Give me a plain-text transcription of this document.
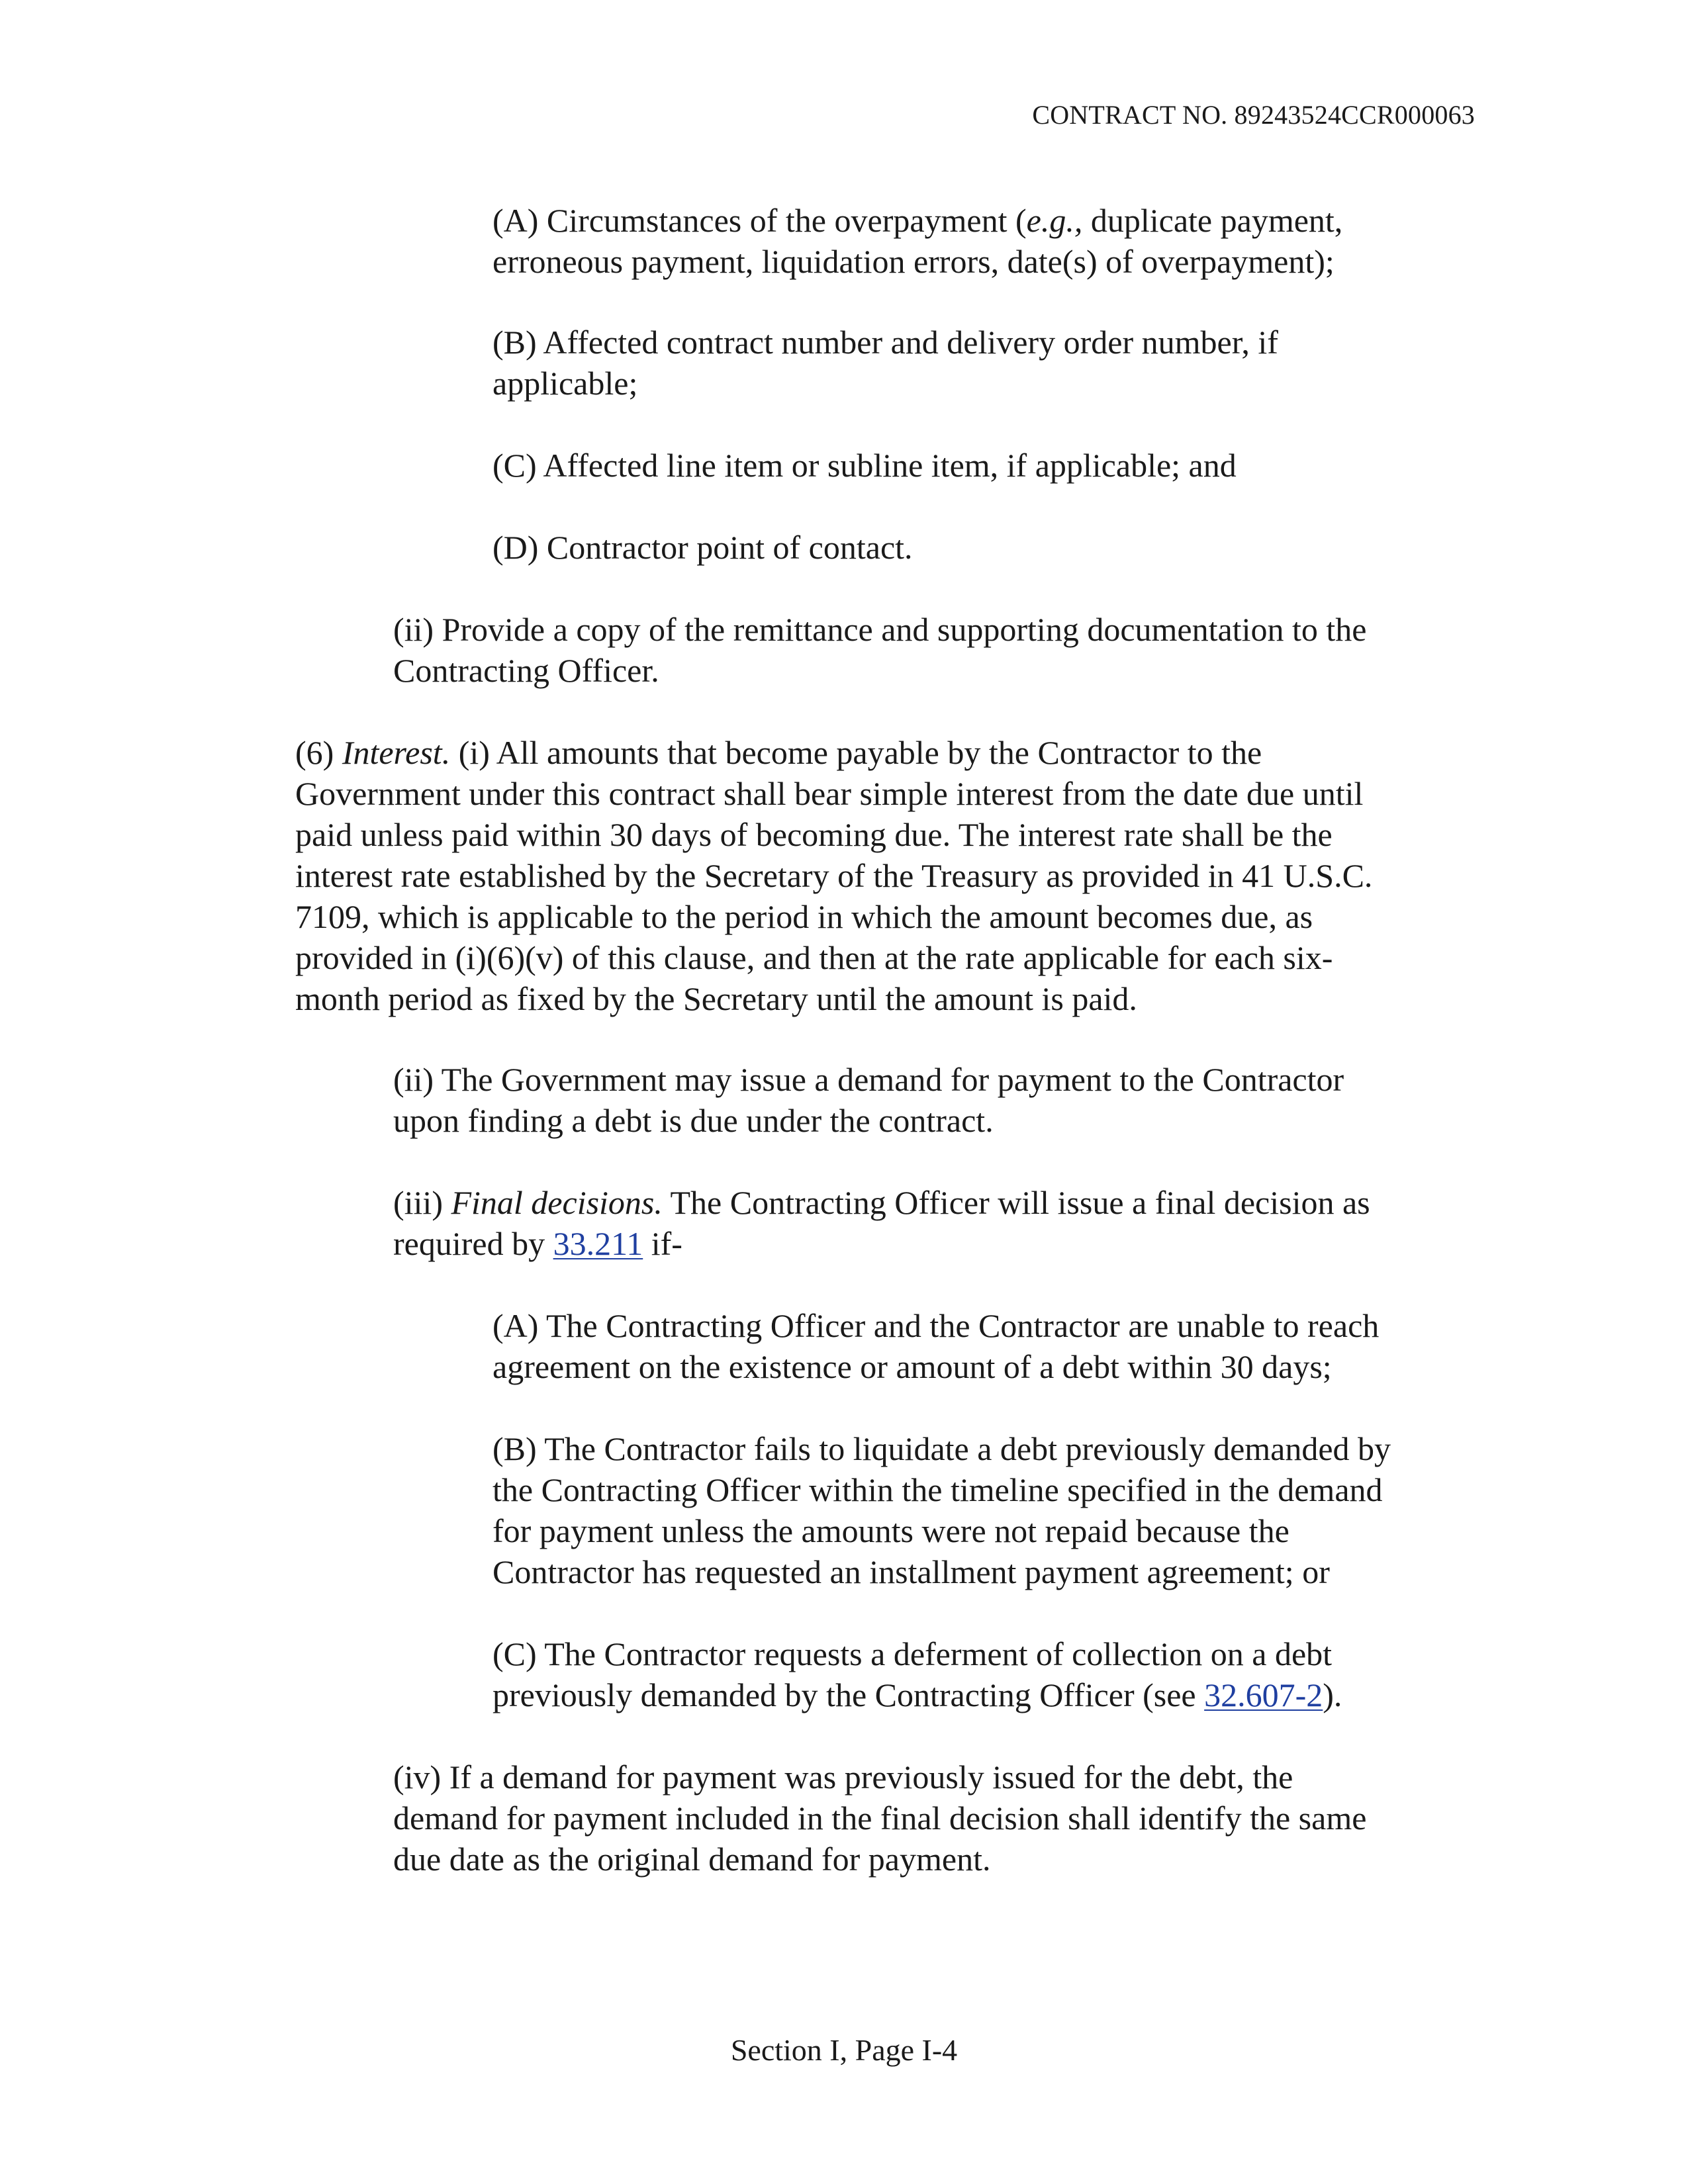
CONTRACT NO. 89243524CCR000063

(A) Circumstances of the overpayment (e.g., duplicate payment,
erroneous payment, liquidation errors, date(s) of overpayment);

(B) Affected contract number and delivery order number, if
applicable;

(C) Affected line item or subline item, if applicable; and

(D) Contractor point of contact.

(ii) Provide a copy of the remittance and supporting documentation to the
Contracting Officer.

(6) Interest. (i) All amounts that become payable by the Contractor to the
Government under this contract shall bear simple interest from the date due until
paid unless paid within 30 days of becoming due. The interest rate shall be the
interest rate established by the Secretary of the Treasury as provided in 41 U.S.C.
7109, which is applicable to the period in which the amount becomes due, as
provided in (i)(6)(v) of this clause, and then at the rate applicable for each six-
month period as fixed by the Secretary until the amount is paid.

(ii) The Government may issue a demand for payment to the Contractor
upon finding a debt is due under the contract.

(iii) Final decisions. The Contracting Officer will issue a final decision as
required by 33.211 if-

(A) The Contracting Officer and the Contractor are unable to reach
agreement on the existence or amount of a debt within 30 days;

(B) The Contractor fails to liquidate a debt previously demanded by
the Contracting Officer within the timeline specified in the demand
for payment unless the amounts were not repaid because the
Contractor has requested an installment payment agreement; or

(C) The Contractor requests a deferment of collection on a debt
previously demanded by the Contracting Officer (see 32.607-2).

(iv) If a demand for payment was previously issued for the debt, the
demand for payment included in the final decision shall identify the same
due date as the original demand for payment.

Section I, Page I-4
